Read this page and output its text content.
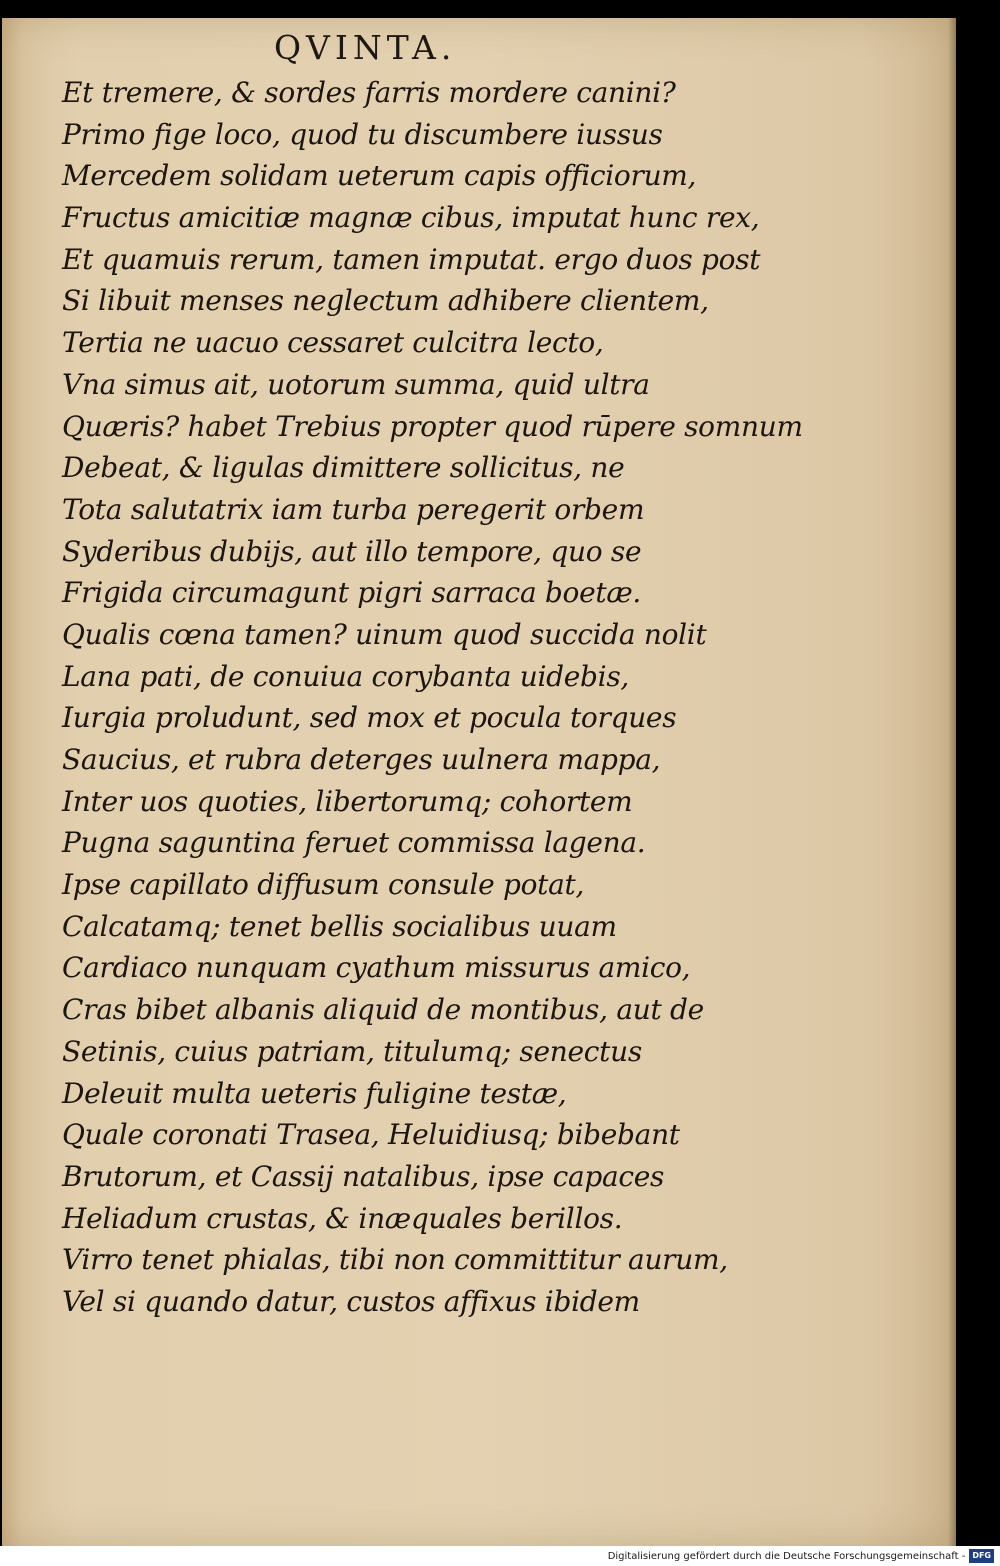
QVINTA.
Et tremere, & sordes farris mordere canini?
Primo fige loco, quod tu discumbere iussus
Mercedem solidam ueterum capis officiorum,
Fructus amicitiæ magnæ cibus, imputat hunc rex,
Et quamuis rerum, tamen imputat. ergo duos post
Si libuit menses neglectum adhibere clientem,
Tertia ne uacuo cessaret culcitra lecto,
Vna simus ait, uotorum summa, quid ultra
Quæris? habet Trebius propter quod rūpere somnum
Debeat, & ligulas dimittere sollicitus, ne
Tota salutatrix iam turba peregerit orbem
Syderibus dubijs, aut illo tempore, quo se
Frigida circumagunt pigri sarraca boetæ.
Qualis cœna tamen? uinum quod succida nolit
Lana pati, de conuiua corybanta uidebis,
Iurgia proludunt, sed mox et pocula torques
Saucius, et rubra deterges uulnera mappa,
Inter uos quoties, libertorumq; cohortem
Pugna saguntina feruet commissa lagena.
Ipse capillato diffusum consule potat,
Calcatamq; tenet bellis socialibus uuam
Cardiaco nunquam cyathum missurus amico,
Cras bibet albanis aliquid de montibus, aut de
Setinis, cuius patriam, titulumq; senectus
Deleuit multa ueteris fuligine testæ,
Quale coronati Trasea, Heluidiusq; bibebant
Brutorum, et Cassij natalibus, ipse capaces
Heliadum crustas, & inæquales berillos.
Virro tenet phialas, tibi non committitur aurum,
Vel si quando datur, custos affixus ibidem
Digitalisierung gefördert durch die Deutsche Forschungsgemeinschaft - DFG
